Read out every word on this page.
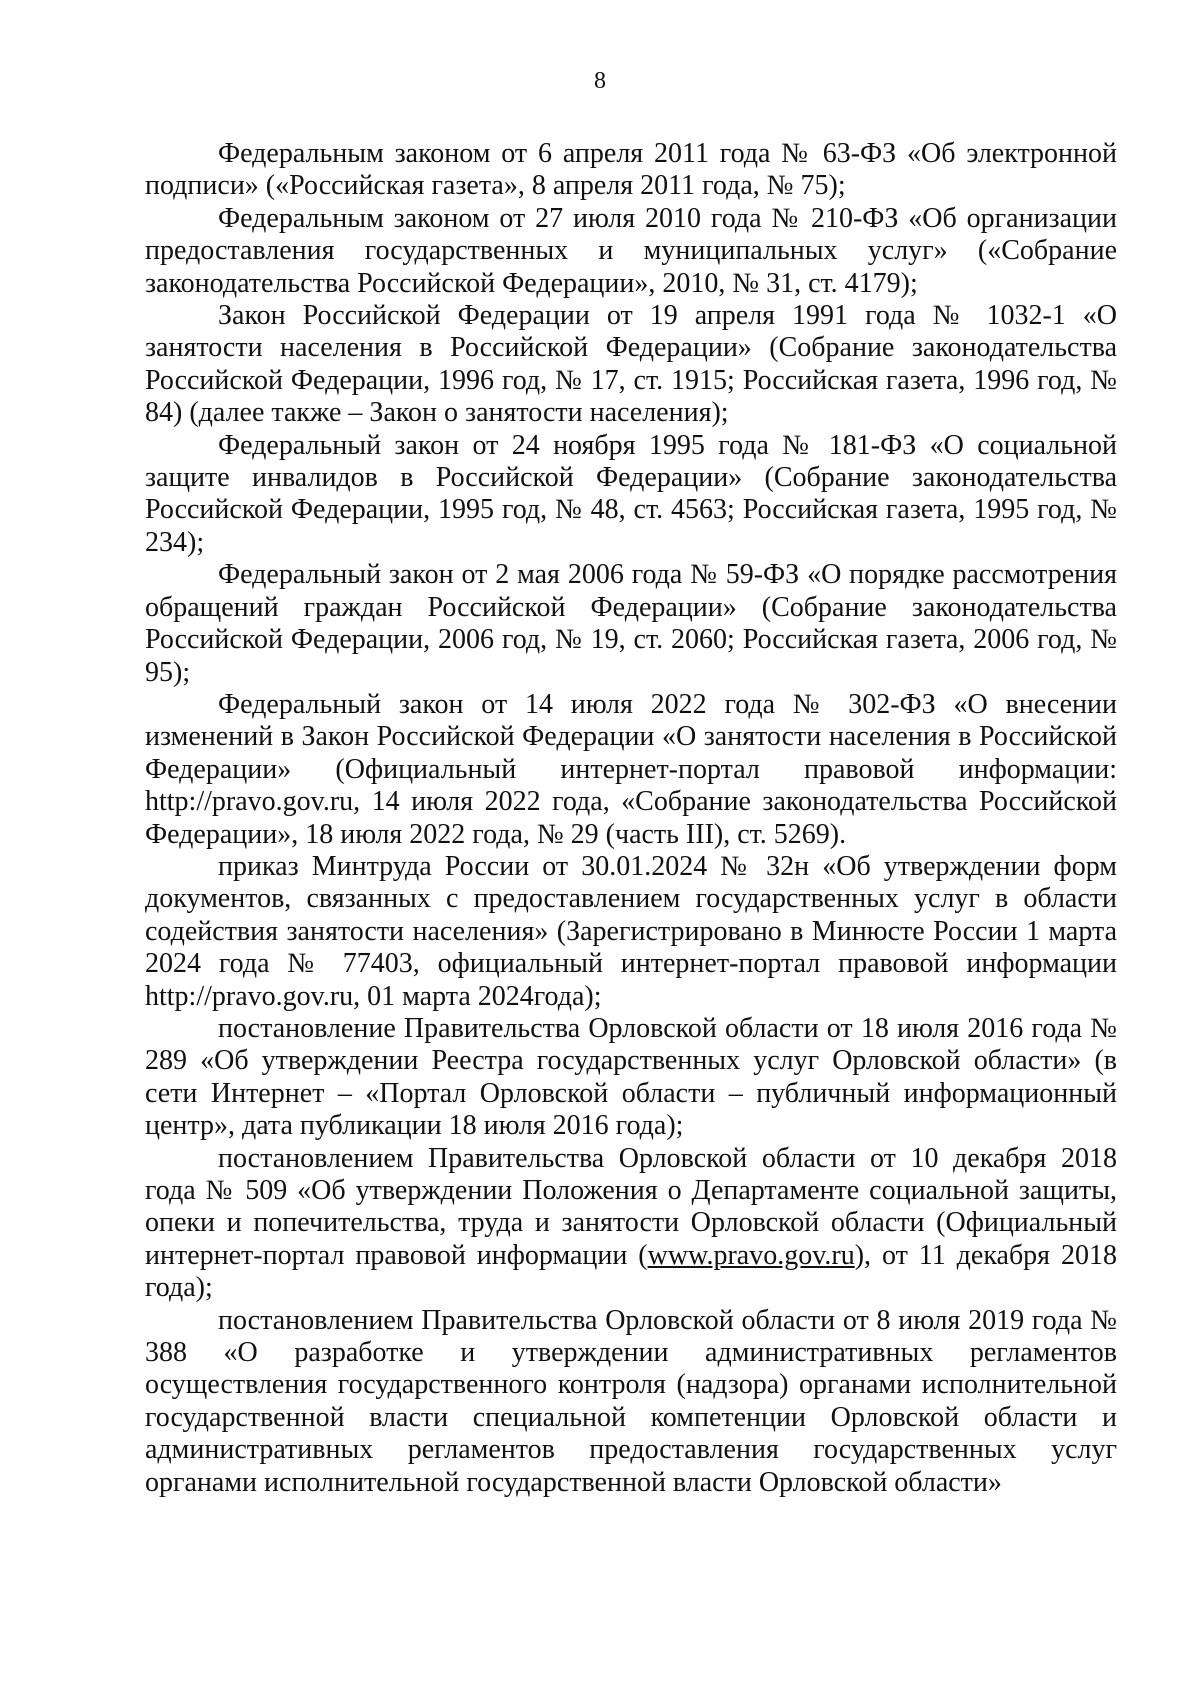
8

Федеральным законом от 6 апреля 2011 года № 63-ФЗ «Об электронной подписи» («Российская газета», 8 апреля 2011 года, № 75);

Федеральным законом от 27 июля 2010 года № 210-ФЗ «Об организации предоставления государственных и муниципальных услуг» («Собрание законодательства Российской Федерации», 2010, № 31, ст. 4179);

Закон Российской Федерации от 19 апреля 1991 года № 1032-1 «О занятости населения в Российской Федерации» (Собрание законодательства Российской Федерации, 1996 год, № 17, ст. 1915; Российская газета, 1996 год, № 84) (далее также – Закон о занятости населения);

Федеральный закон от 24 ноября 1995 года № 181-ФЗ «О социальной защите инвалидов в Российской Федерации» (Собрание законодательства Российской Федерации, 1995 год, № 48, ст. 4563; Российская газета, 1995 год, № 234);

Федеральный закон от 2 мая 2006 года № 59-ФЗ «О порядке рассмотрения обращений граждан Российской Федерации» (Собрание законодательства Российской Федерации, 2006 год, № 19, ст. 2060; Российская газета, 2006 год, № 95);

Федеральный закон от 14 июля 2022 года № 302-ФЗ «О внесении изменений в Закон Российской Федерации «О занятости населения в Российской Федерации» (Официальный интернет-портал правовой информации: http://pravo.gov.ru, 14 июля 2022 года, «Собрание законодательства Российской Федерации», 18 июля 2022 года, № 29 (часть III), ст. 5269).

приказ Минтруда России от 30.01.2024 № 32н «Об утверждении форм документов, связанных с предоставлением государственных услуг в области содействия занятости населения» (Зарегистрировано в Минюсте России 1 марта 2024 года № 77403, официальный интернет-портал правовой информации http://pravo.gov.ru, 01 марта 2024года);

постановление Правительства Орловской области от 18 июля 2016 года № 289 «Об утверждении Реестра государственных услуг Орловской области» (в сети Интернет – «Портал Орловской области – публичный информационный центр», дата публикации 18 июля 2016 года);

постановлением Правительства Орловской области от 10 декабря 2018 года № 509 «Об утверждении Положения о Департаменте социальной защиты, опеки и попечительства, труда и занятости Орловской области (Официальный интернет-портал правовой информации (www.pravo.gov.ru), от 11 декабря 2018 года);

постановлением Правительства Орловской области от 8 июля 2019 года № 388 «О разработке и утверждении административных регламентов осуществления государственного контроля (надзора) органами исполнительной государственной власти специальной компетенции Орловской области и административных регламентов предоставления государственных услуг органами исполнительной государственной власти Орловской области»
